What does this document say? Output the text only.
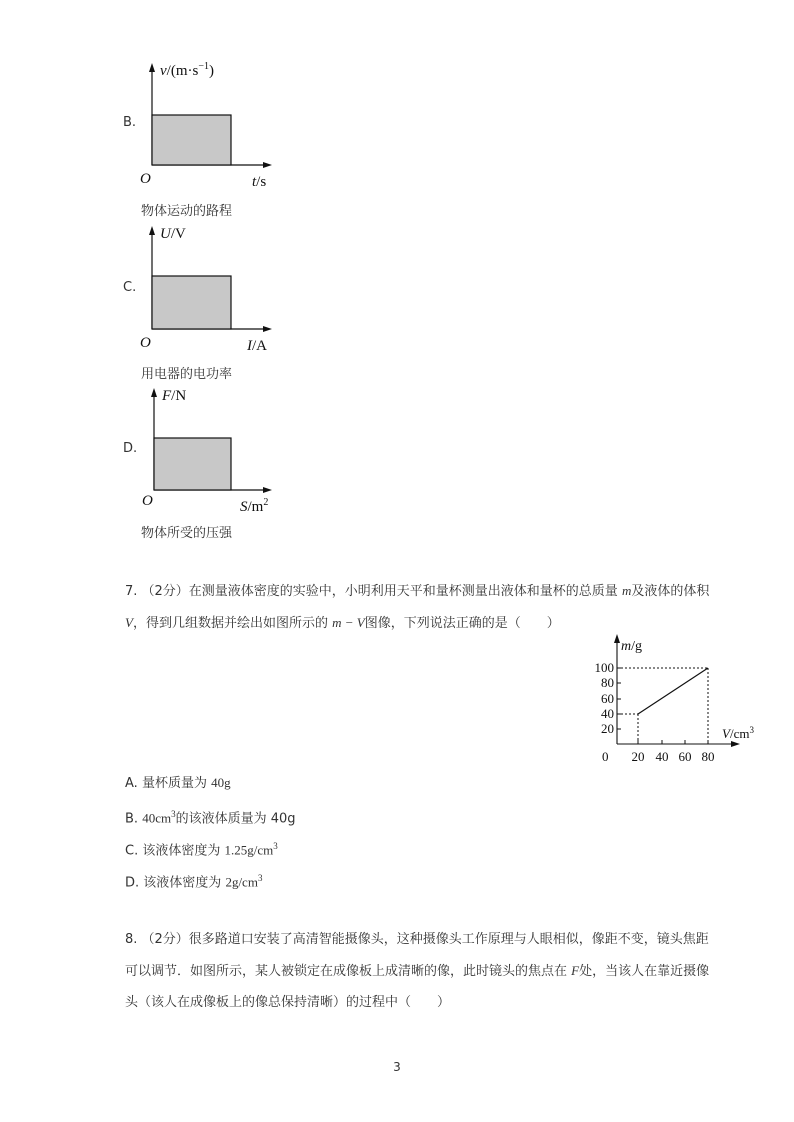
B.
$v/(m\cdot s^{-1})$
O	t/s
物体运动的路程
C.
U/V
O	I/A
用电器的电功率
D.
F/N
O	$S/m^2$
物体所受的压强
7. （2分）在测量液体密度的实验中，小明利用天平和量杯测量出液体和量杯的总质量 m及液体的体积
V，得到几组数据并绘出如图所示的 m − V图像，下列说法正确的是（　　）
m/g
100
80
60
40
20
0 20 40 60 80
$V/cm^3$
A. 量杯质量为 40g
B. $40cm^3$的该液体质量为 40g
C. 该液体密度为 $1.25g/cm^3$
D. 该液体密度为 $2g/cm^3$
8. （2分）很多路道口安装了高清智能摄像头，这种摄像头工作原理与人眼相似，像距不变，镜头焦距
可以调节．如图所示，某人被锁定在成像板上成清晰的像，此时镜头的焦点在 F处，当该人在靠近摄像
头（该人在成像板上的像总保持清晰）的过程中（　　）
3
